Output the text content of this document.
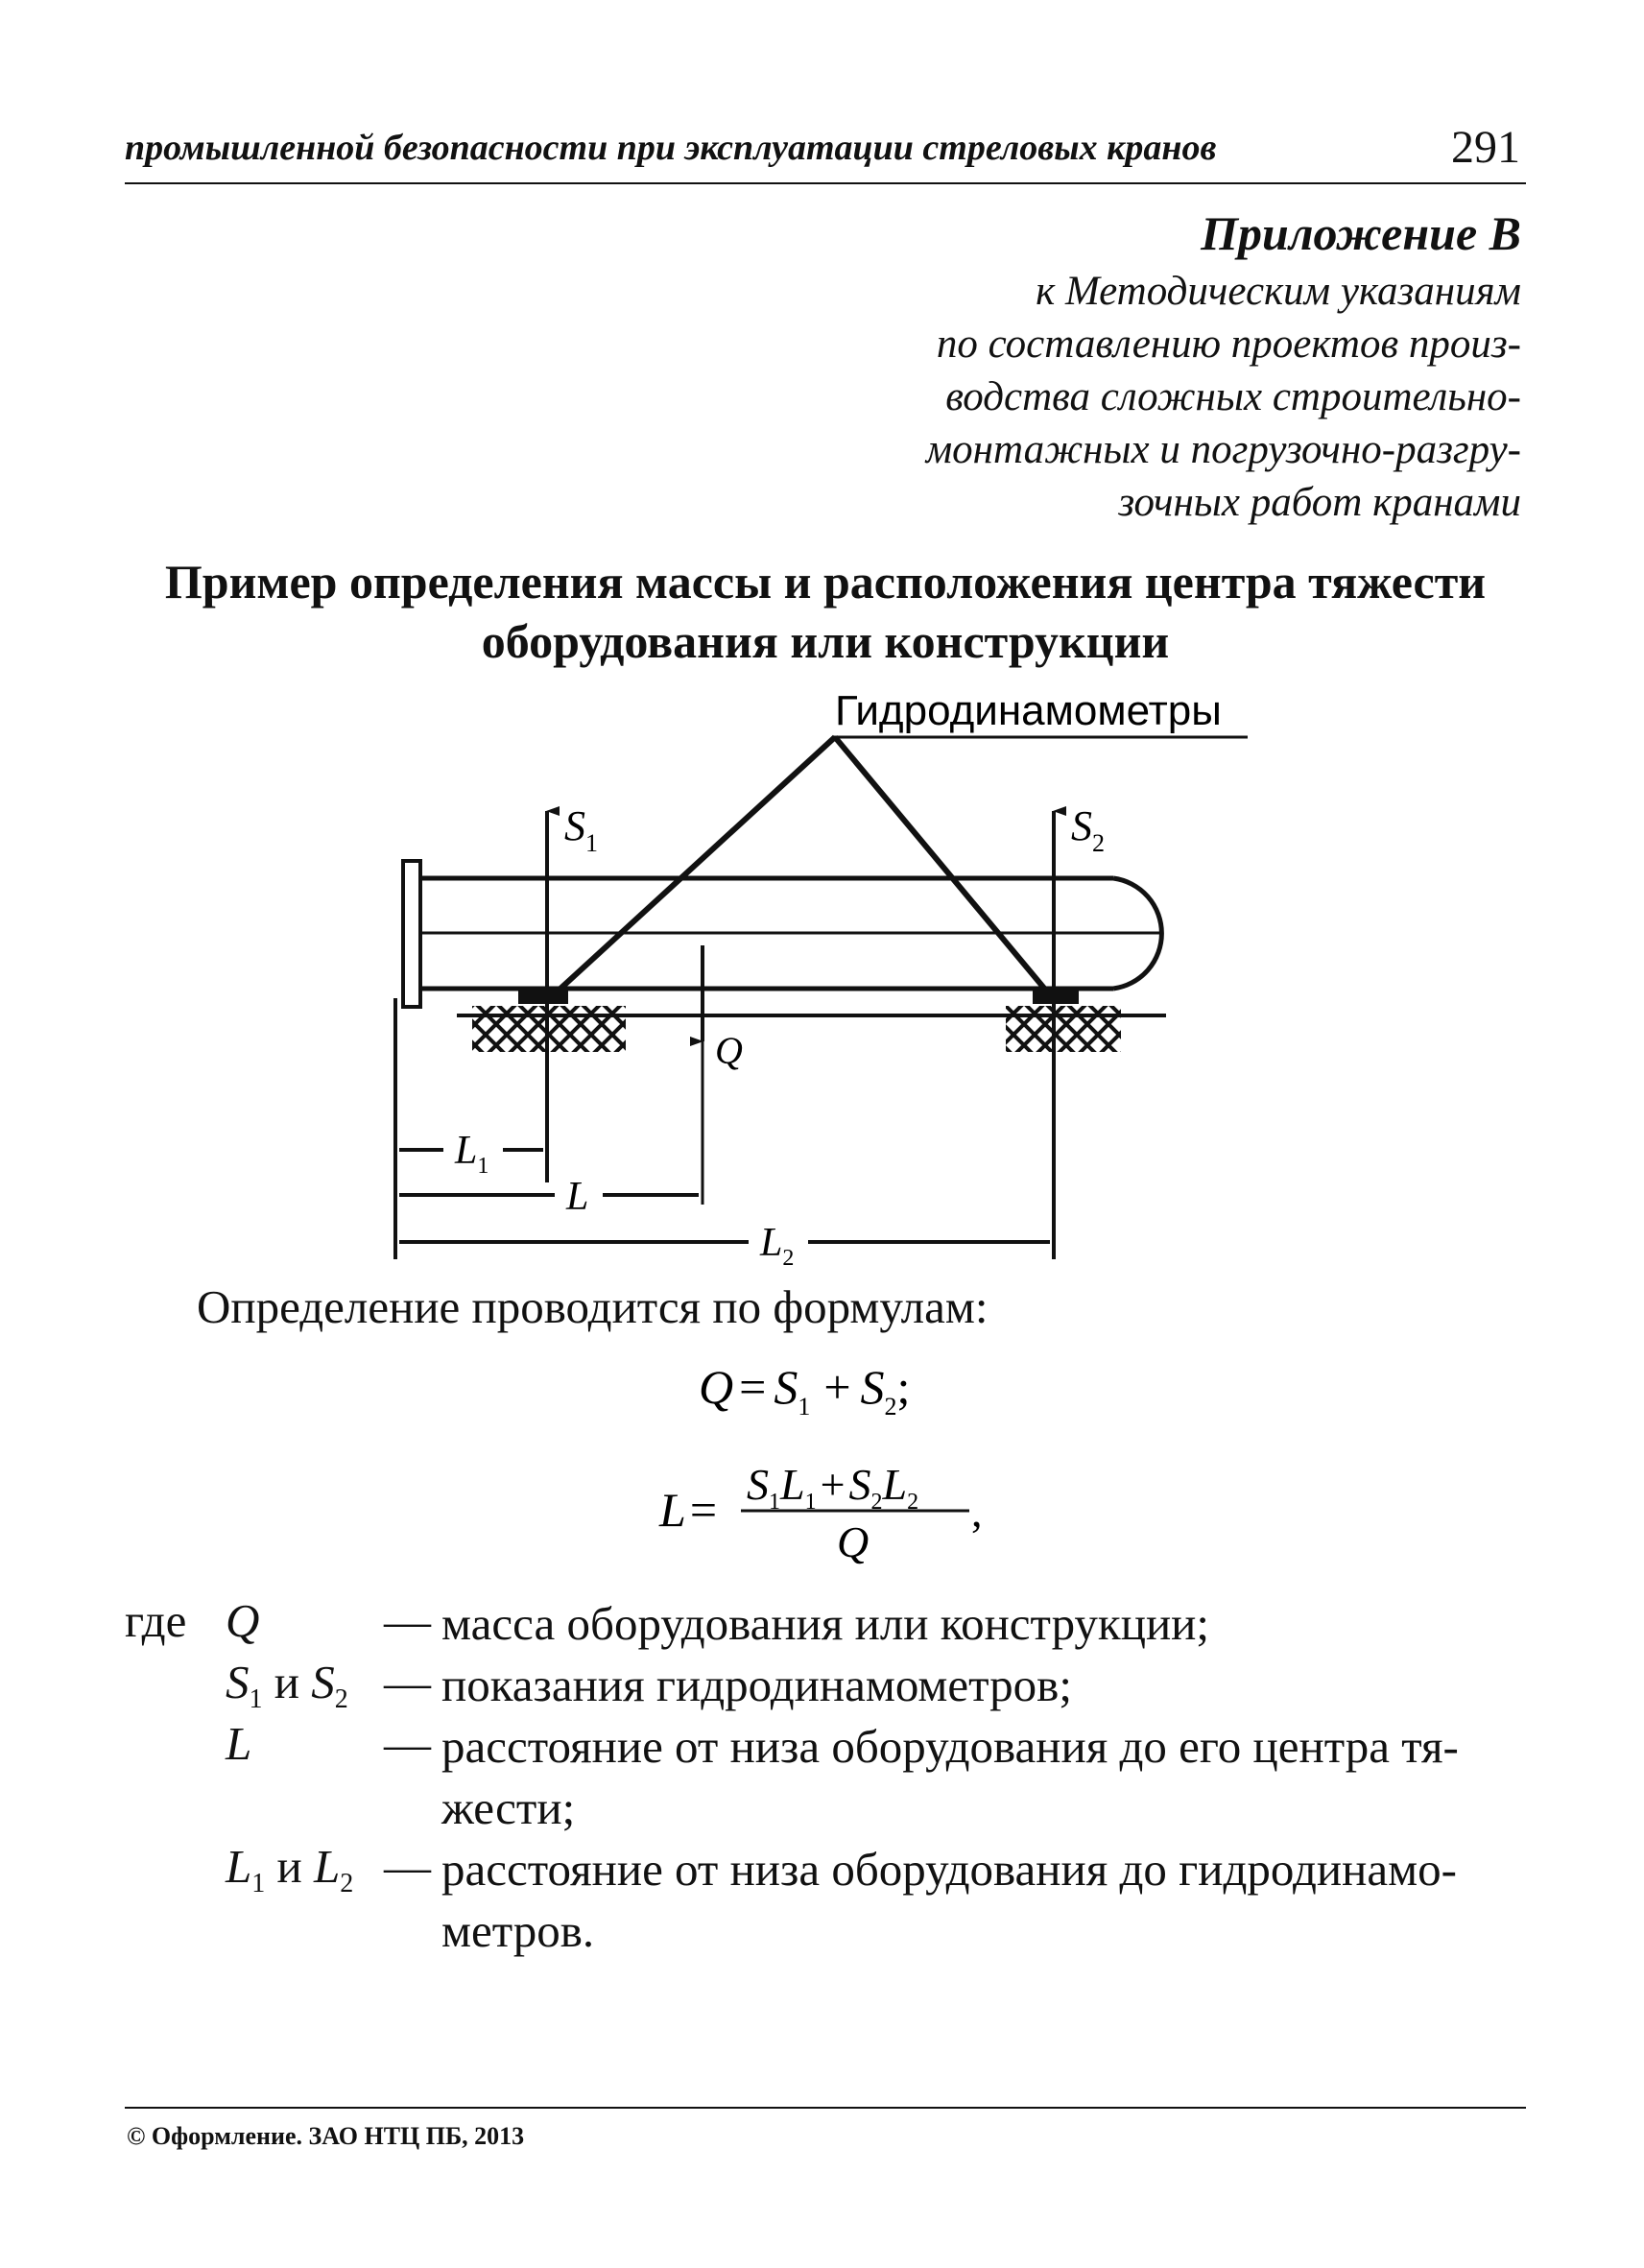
промышленной безопасности при эксплуатации стреловых кранов	291
Приложение В
к Методическим указаниям
по составлению проектов произ-
водства сложных строительно-
монтажных и погрузочно-разгру-
зочных работ кранами
Пример определения массы и расположения центра тяжести
оборудования или конструкции
Гидродинамометры
$S_1$	$S_2$
Q
$L_1$
L
$L_2$
$Q = S_1 + S_2$;
$L= S_1L_1+S_2L_2$
Q
,
Определение проводится по формулам:
где Q	— масса оборудования или конструкции;
$S_1$ и $S_2$ — показания гидродинамометров;
L	— расстояние от низа оборудования до его центра тя-жести;
$L_1$ и $L_2$ — расстояние от низа оборудования до гидродинамо-метров.
© Оформление. ЗАО НТЦ ПБ, 2013
